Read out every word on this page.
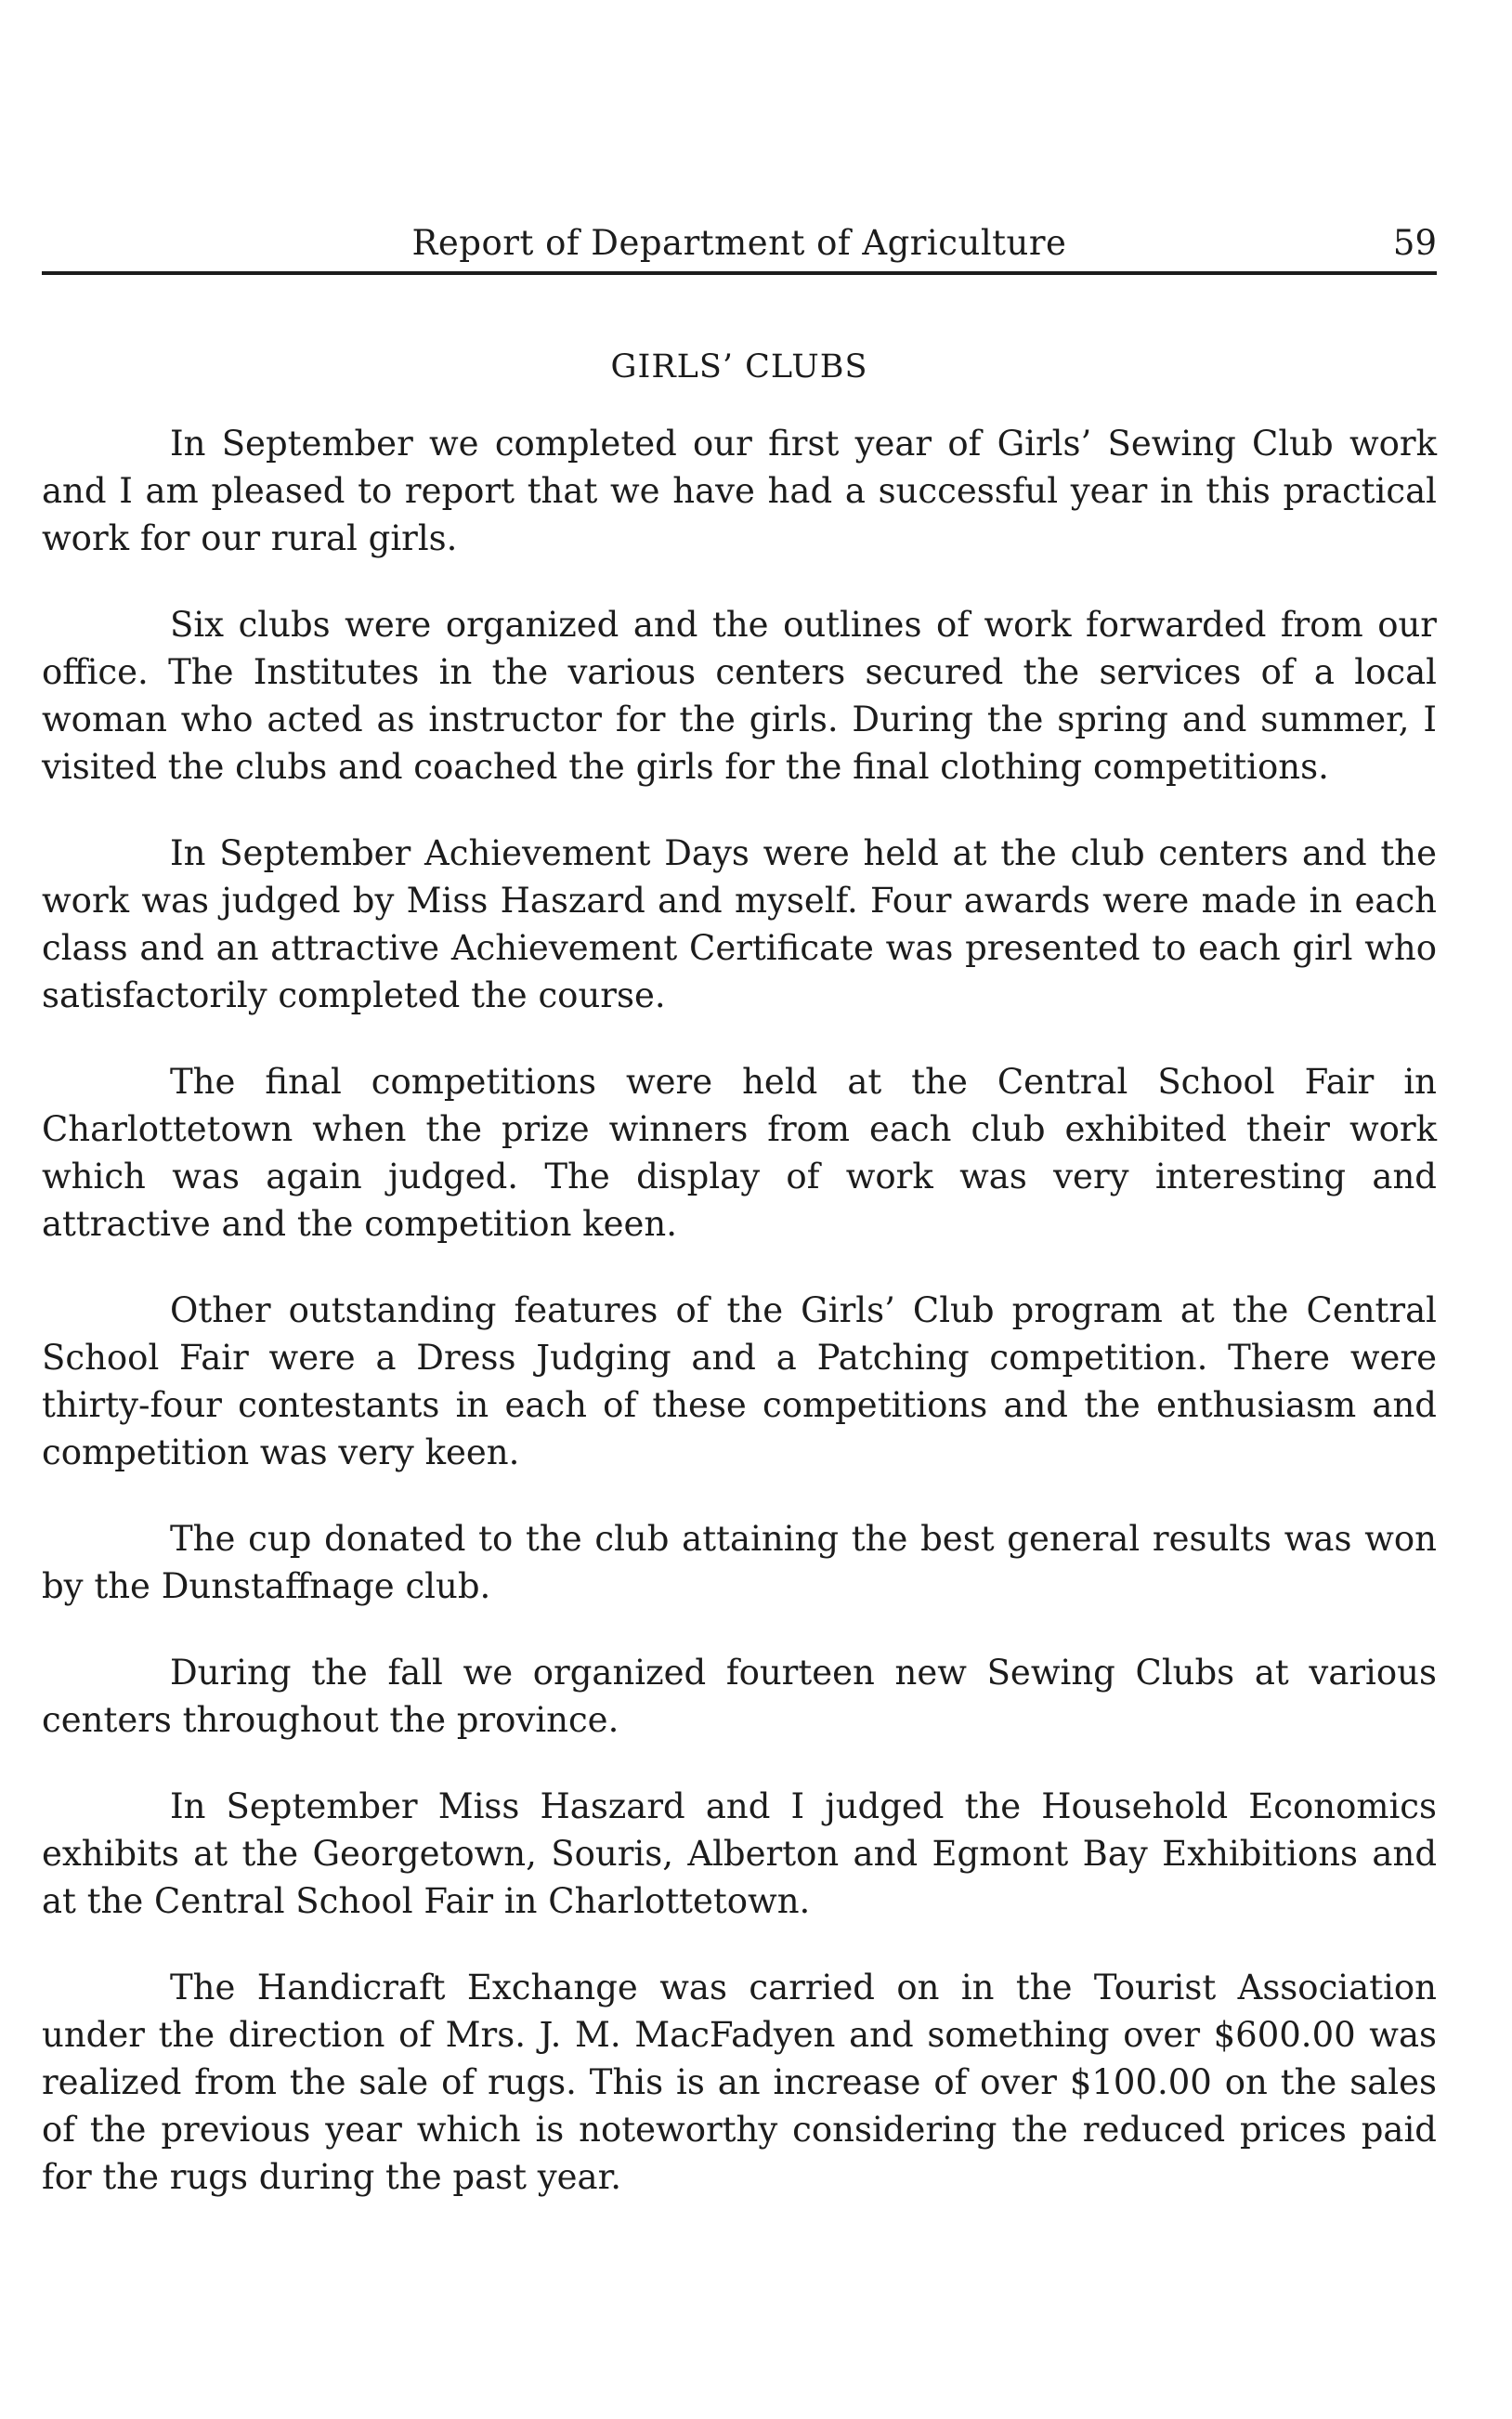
Report of Department of Agriculture	59
GIRLS’ CLUBS

In September we completed our first year of Girls’ Sewing Club work and I am pleased to report that we have had a successful year in this practical work for our rural girls.

Six clubs were organized and the outlines of work forwarded from our office. The Institutes in the various centers secured the services of a local woman who acted as instructor for the girls. During the spring and summer, I visited the clubs and coached the girls for the final clothing competitions.

In September Achievement Days were held at the club centers and the work was judged by Miss Haszard and myself. Four awards were made in each class and an attractive Achievement Certificate was presented to each girl who satisfactorily completed the course.

The final competitions were held at the Central School Fair in Charlottetown when the prize winners from each club exhibited their work which was again judged. The display of work was very interesting and attractive and the competition keen.

Other outstanding features of the Girls’ Club program at the Central School Fair were a Dress Judging and a Patching competition. There were thirty-four contestants in each of these competitions and the enthusiasm and competition was very keen.

The cup donated to the club attaining the best general results was won by the Dunstaffnage club.

During the fall we organized fourteen new Sewing Clubs at various centers throughout the province.

In September Miss Haszard and I judged the Household Economics exhibits at the Georgetown, Souris, Alberton and Egmont Bay Exhibitions and at the Central School Fair in Charlottetown.

The Handicraft Exchange was carried on in the Tourist Association under the direction of Mrs. J. M. MacFadyen and something over $600.00 was realized from the sale of rugs. This is an increase of over $100.00 on the sales of the previous year which is noteworthy considering the reduced prices paid for the rugs during the past year.
